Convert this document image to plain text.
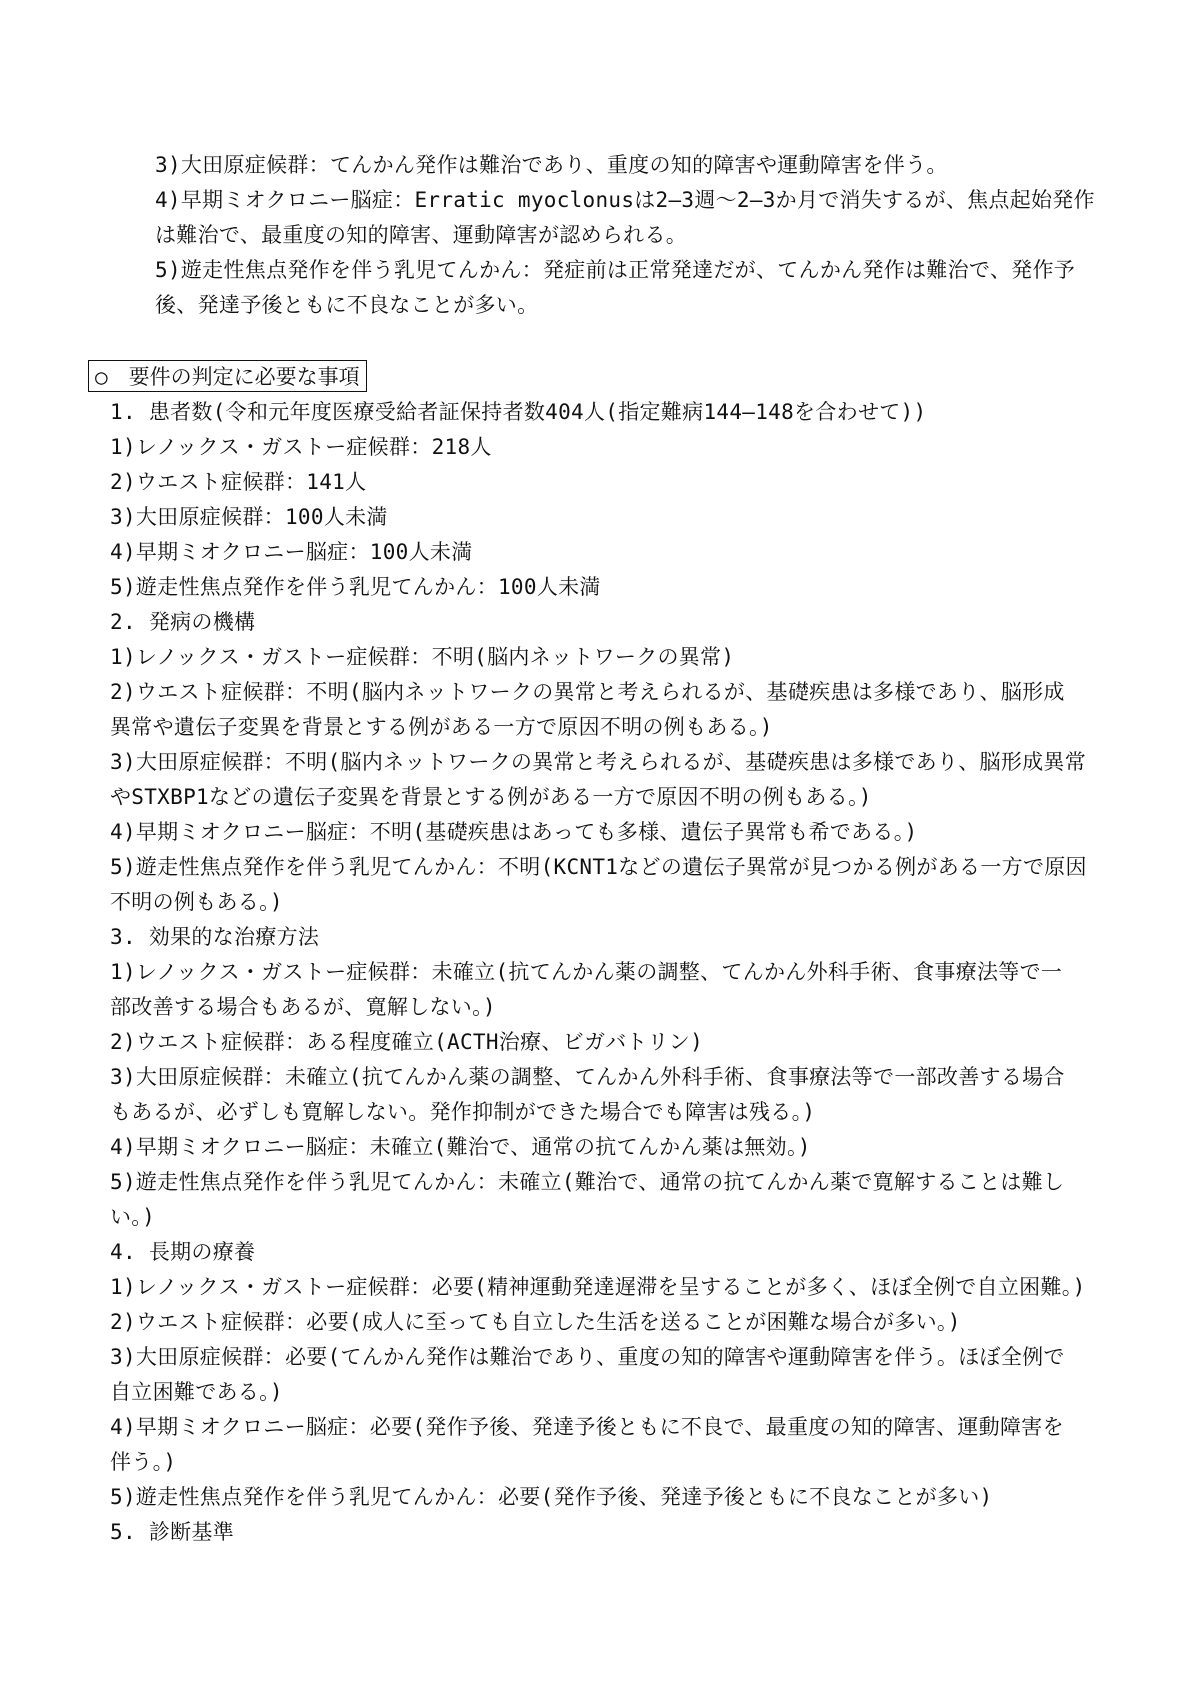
3)大田原症候群：てんかん発作は難治であり、重度の知的障害や運動障害を伴う。
4)早期ミオクロニー脳症：Erratic myoclonusは2―3週～2―3か月で消失するが、焦点起始発作
は難治で、最重度の知的障害、運動障害が認められる。
5)遊走性焦点発作を伴う乳児てんかん：発症前は正常発達だが、てんかん発作は難治で、発作予
後、発達予後ともに不良なことが多い。
○　要件の判定に必要な事項
1. 患者数(令和元年度医療受給者証保持者数404人(指定難病144―148を合わせて))
1)レノックス・ガストー症候群：218人
2)ウエスト症候群：141人
3)大田原症候群：100人未満
4)早期ミオクロニー脳症：100人未満
5)遊走性焦点発作を伴う乳児てんかん：100人未満
2. 発病の機構
1)レノックス・ガストー症候群：不明(脳内ネットワークの異常)
2)ウエスト症候群：不明(脳内ネットワークの異常と考えられるが、基礎疾患は多様であり、脳形成
異常や遺伝子変異を背景とする例がある一方で原因不明の例もある。)
3)大田原症候群：不明(脳内ネットワークの異常と考えられるが、基礎疾患は多様であり、脳形成異常
やSTXBP1などの遺伝子変異を背景とする例がある一方で原因不明の例もある。)
4)早期ミオクロニー脳症：不明(基礎疾患はあっても多様、遺伝子異常も希である。)
5)遊走性焦点発作を伴う乳児てんかん：不明(KCNT1などの遺伝子異常が見つかる例がある一方で原因
不明の例もある。)
3. 効果的な治療方法
1)レノックス・ガストー症候群：未確立(抗てんかん薬の調整、てんかん外科手術、食事療法等で一
部改善する場合もあるが、寛解しない。)
2)ウエスト症候群：ある程度確立(ACTH治療、ビガバトリン)
3)大田原症候群：未確立(抗てんかん薬の調整、てんかん外科手術、食事療法等で一部改善する場合
もあるが、必ずしも寛解しない。発作抑制ができた場合でも障害は残る。)
4)早期ミオクロニー脳症：未確立(難治で、通常の抗てんかん薬は無効。)
5)遊走性焦点発作を伴う乳児てんかん：未確立(難治で、通常の抗てんかん薬で寛解することは難し
い。)
4. 長期の療養
1)レノックス・ガストー症候群：必要(精神運動発達遅滞を呈することが多く、ほぼ全例で自立困難。)
2)ウエスト症候群：必要(成人に至っても自立した生活を送ることが困難な場合が多い。)
3)大田原症候群：必要(てんかん発作は難治であり、重度の知的障害や運動障害を伴う。ほぼ全例で
自立困難である。)
4)早期ミオクロニー脳症：必要(発作予後、発達予後ともに不良で、最重度の知的障害、運動障害を
伴う。)
5)遊走性焦点発作を伴う乳児てんかん：必要(発作予後、発達予後ともに不良なことが多い)
5. 診断基準
